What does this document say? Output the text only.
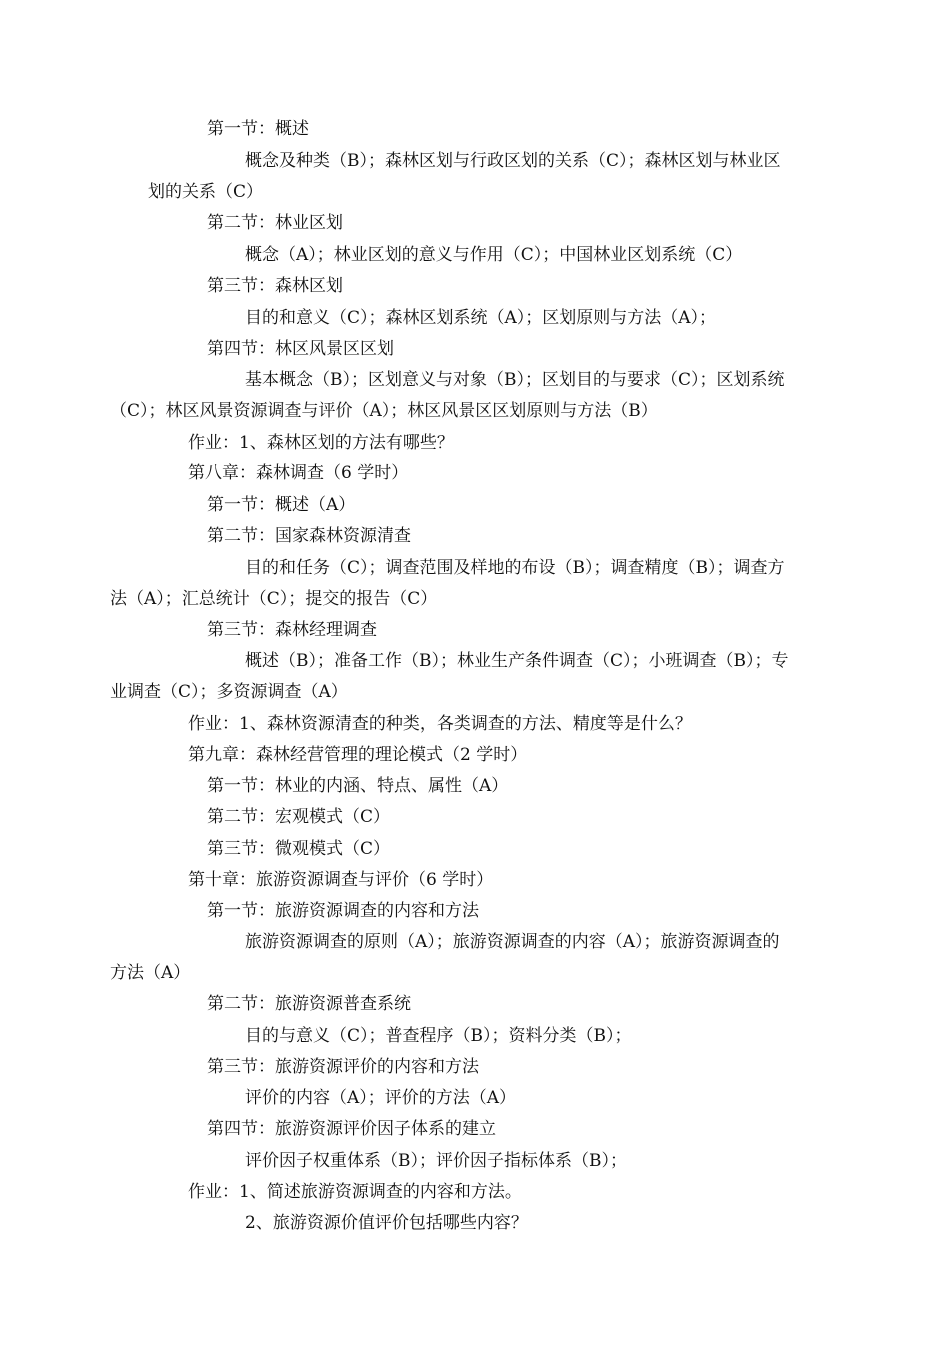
第一节：概述

概念及种类（B）；森林区划与行政区划的关系（C）；森林区划与林业区

划的关系（C）

第二节：林业区划

概念（A）；林业区划的意义与作用（C）；中国林业区划系统（C）

第三节：森林区划

目的和意义（C）；森林区划系统（A）；区划原则与方法（A）；

第四节：林区风景区区划

基本概念（B）；区划意义与对象（B）；区划目的与要求（C）；区划系统

（C）；林区风景资源调查与评价（A）；林区风景区区划原则与方法（B）

作业：1、森林区划的方法有哪些？

第八章：森林调查（6 学时）

第一节：概述（A）

第二节：国家森林资源清查

目的和任务（C）；调查范围及样地的布设（B）；调查精度（B）；调查方

法（A）；汇总统计（C）；提交的报告（C）

第三节：森林经理调查

概述（B）；准备工作（B）；林业生产条件调查（C）；小班调查（B）；专

业调查（C）；多资源调查（A）

作业：1、森林资源清查的种类，各类调查的方法、精度等是什么？

第九章：森林经营管理的理论模式（2 学时）

第一节：林业的内涵、特点、属性（A）

第二节：宏观模式（C）

第三节：微观模式（C）

第十章：旅游资源调查与评价（6 学时）

第一节：旅游资源调查的内容和方法

旅游资源调查的原则（A）；旅游资源调查的内容（A）；旅游资源调查的

方法（A）

第二节：旅游资源普查系统

目的与意义（C）；普查程序（B）；资料分类（B）；

第三节：旅游资源评价的内容和方法

评价的内容（A）；评价的方法（A）

第四节：旅游资源评价因子体系的建立

评价因子权重体系（B）；评价因子指标体系（B）；

作业：1、简述旅游资源调查的内容和方法。

2、旅游资源价值评价包括哪些内容？
